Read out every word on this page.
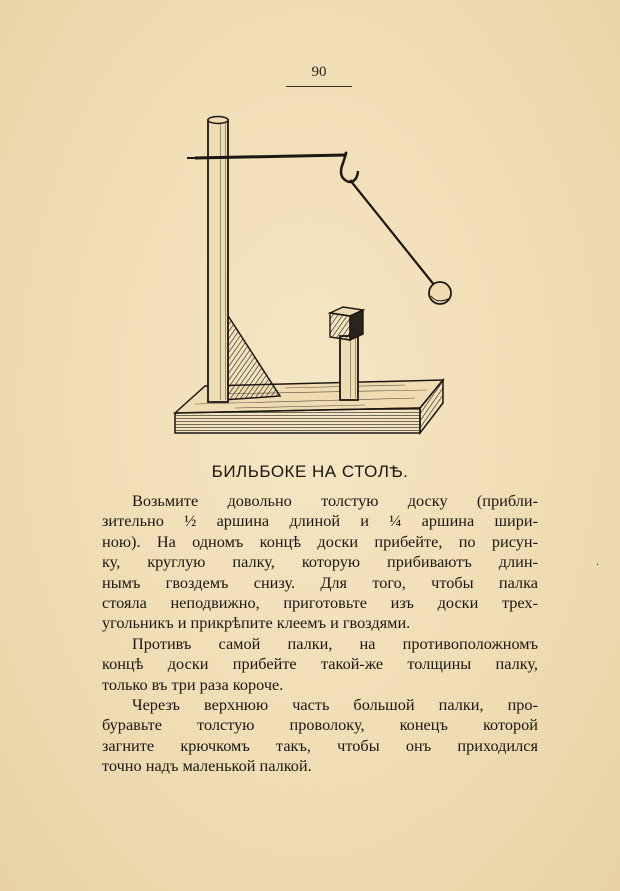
90
БИЛЬБОКЕ НА СТОЛѢ.
Возьмите довольно толстую доску (прибли-
зительно ½ аршина длиной и ¼ аршина шири-
ною). На одномъ концѣ доски прибейте, по рисун-
ку, круглую палку, которую прибиваютъ длин-
нымъ гвоздемъ снизу. Для того, чтобы палка
стояла неподвижно, приготовьте изъ доски трех-
угольникъ и прикрѣпите клеемъ и гвоздями.
Противъ самой палки, на противоположномъ
концѣ доски прибейте такой-же толщины палку,
только въ три раза короче.
Черезъ верхнюю часть большой палки, про-
буравьте толстую проволоку, конецъ которой
загните крючкомъ такъ, чтобы онъ приходился
точно надъ маленькой палкой.
·
